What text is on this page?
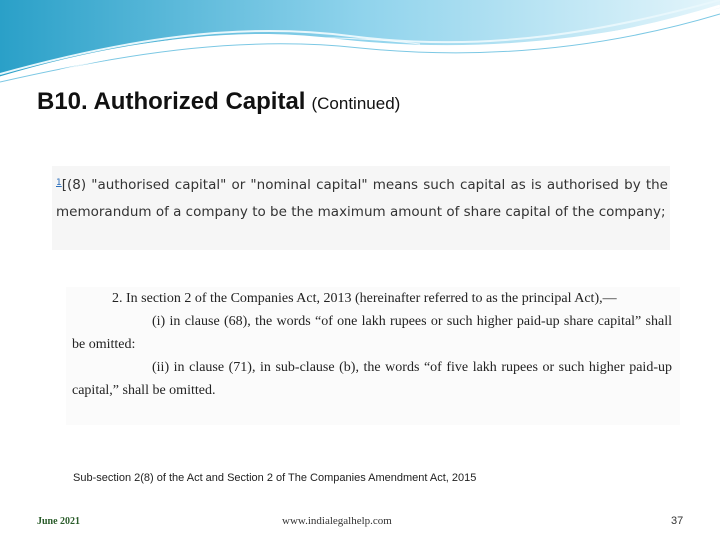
B10. Authorized Capital (Continued)

$^1$[(8) "authorised capital" or "nominal capital" means such capital as is authorised by the memorandum of a company to be the maximum amount of share capital of the company;

2. In section 2 of the Companies Act, 2013 (hereinafter referred to as the principal Act),—

(i) in clause (68), the words “of one lakh rupees or such higher paid-up share capital” shall be omitted:

(ii) in clause (71), in sub-clause (b), the words “of five lakh rupees or such higher paid-up capital,” shall be omitted.

Sub-section 2(8) of the Act and Section 2 of The Companies Amendment Act, 2015
June 2021	www.indialegalhelp.com	37
